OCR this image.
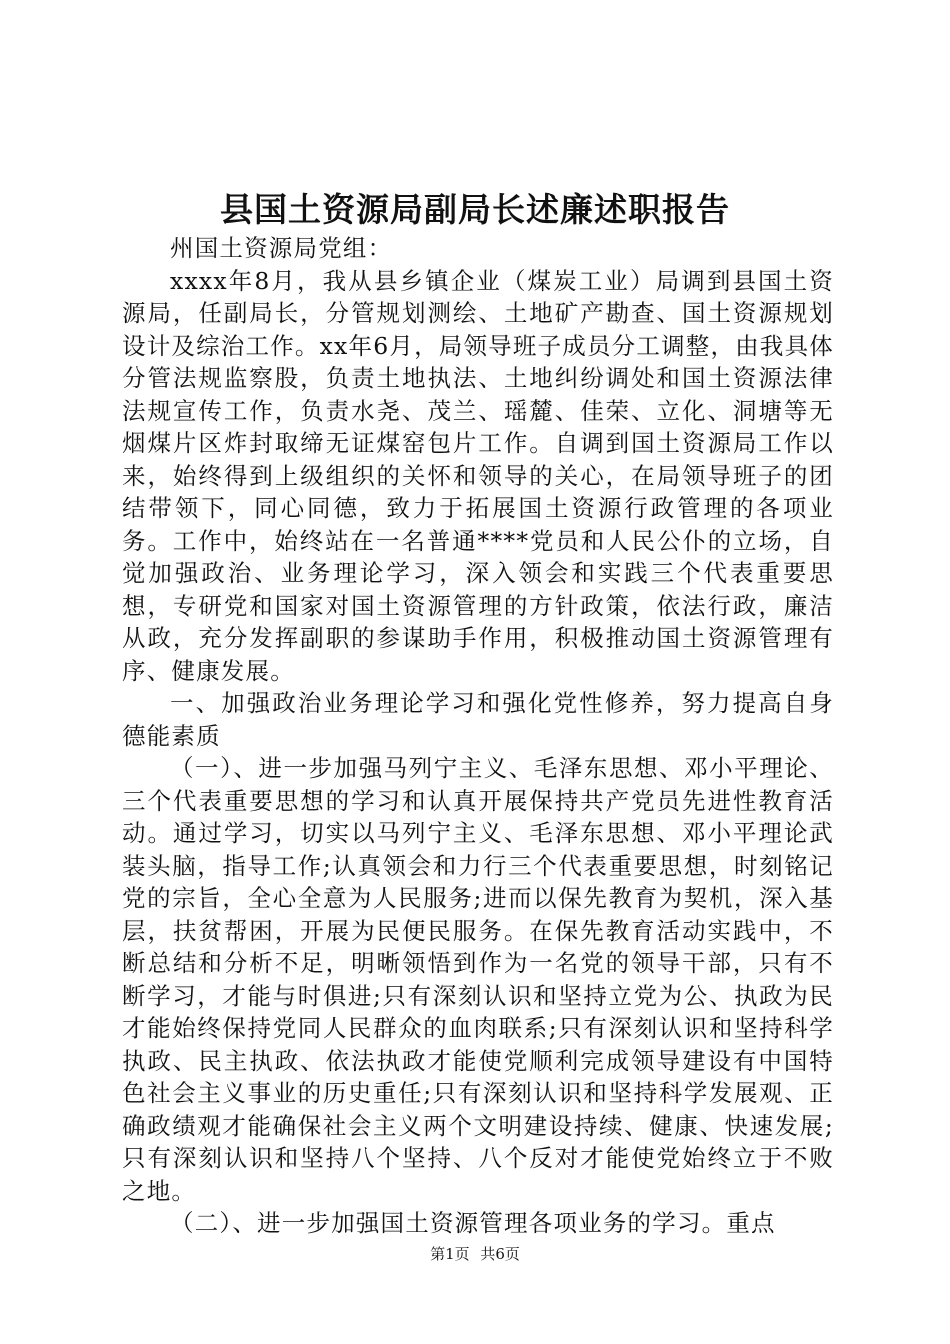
县国土资源局副局长述廉述职报告

州国土资源局党组：

xxxx年8月，我从县乡镇企业（煤炭工业）局调到县国土资源局，任副局长，分管规划测绘、土地矿产勘查、国土资源规划设计及综治工作。xx年6月，局领导班子成员分工调整，由我具体分管法规监察股，负责土地执法、土地纠纷调处和国土资源法律法规宣传工作，负责水尧、茂兰、瑶麓、佳荣、立化、洞塘等无烟煤片区炸封取缔无证煤窑包片工作。自调到国土资源局工作以来，始终得到上级组织的关怀和领导的关心，在局领导班子的团结带领下，同心同德，致力于拓展国土资源行政管理的各项业务。工作中，始终站在一名普通****党员和人民公仆的立场，自觉加强政治、业务理论学习，深入领会和实践三个代表重要思想，专研党和国家对国土资源管理的方针政策，依法行政，廉洁从政，充分发挥副职的参谋助手作用，积极推动国土资源管理有序、健康发展。

一、加强政治业务理论学习和强化党性修养，努力提高自身德能素质

（一）、进一步加强马列宁主义、毛泽东思想、邓小平理论、三个代表重要思想的学习和认真开展保持共产党员先进性教育活动。通过学习，切实以马列宁主义、毛泽东思想、邓小平理论武装头脑，指导工作;认真领会和力行三个代表重要思想，时刻铭记党的宗旨，全心全意为人民服务;进而以保先教育为契机，深入基层，扶贫帮困，开展为民便民服务。在保先教育活动实践中，不断总结和分析不足，明晰领悟到作为一名党的领导干部，只有不断学习，才能与时俱进;只有深刻认识和坚持立党为公、执政为民才能始终保持党同人民群众的血肉联系;只有深刻认识和坚持科学执政、民主执政、依法执政才能使党顺利完成领导建设有中国特色社会主义事业的历史重任;只有深刻认识和坚持科学发展观、正确政绩观才能确保社会主义两个文明建设持续、健康、快速发展;只有深刻认识和坚持八个坚持、八个反对才能使党始终立于不败之地。

（二）、进一步加强国土资源管理各项业务的学习。重点

第1页 共6页
